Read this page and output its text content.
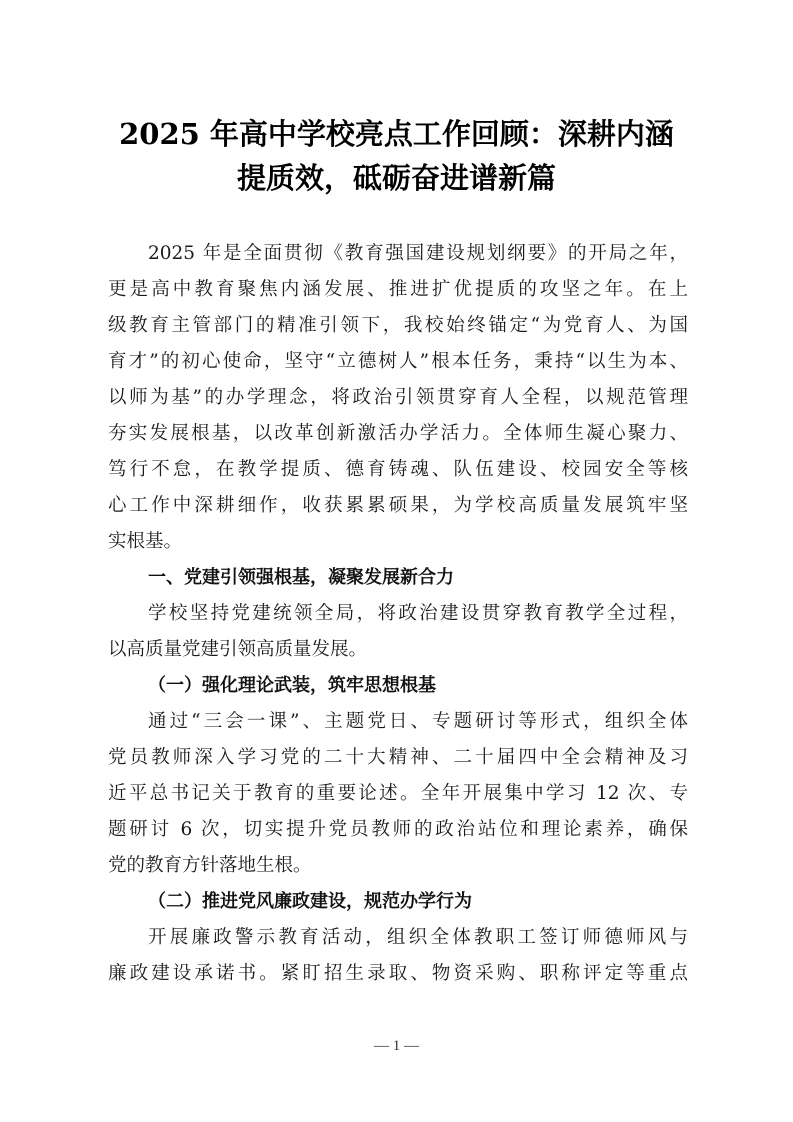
2025 年高中学校亮点工作回顾：深耕内涵
提质效，砥砺奋进谱新篇
2025 年是全面贯彻《教育强国建设规划纲要》的开局之年，
更是高中教育聚焦内涵发展、推进扩优提质的攻坚之年。在上
级教育主管部门的精准引领下，我校始终锚定“为党育人、为国
育才”的初心使命，坚守“立德树人”根本任务，秉持“以生为本、
以师为基”的办学理念，将政治引领贯穿育人全程，以规范管理
夯实发展根基，以改革创新激活办学活力。全体师生凝心聚力、
笃行不怠，在教学提质、德育铸魂、队伍建设、校园安全等核
心工作中深耕细作，收获累累硕果，为学校高质量发展筑牢坚
实根基。
一、党建引领强根基，凝聚发展新合力
学校坚持党建统领全局，将政治建设贯穿教育教学全过程，
以高质量党建引领高质量发展。
（一）强化理论武装，筑牢思想根基
通过“三会一课”、主题党日、专题研讨等形式，组织全体
党员教师深入学习党的二十大精神、二十届四中全会精神及习
近平总书记关于教育的重要论述。全年开展集中学习 12 次、专
题研讨 6 次，切实提升党员教师的政治站位和理论素养，确保
党的教育方针落地生根。
（二）推进党风廉政建设，规范办学行为
开展廉政警示教育活动，组织全体教职工签订师德师风与
廉政建设承诺书。紧盯招生录取、物资采购、职称评定等重点
— 1 —
